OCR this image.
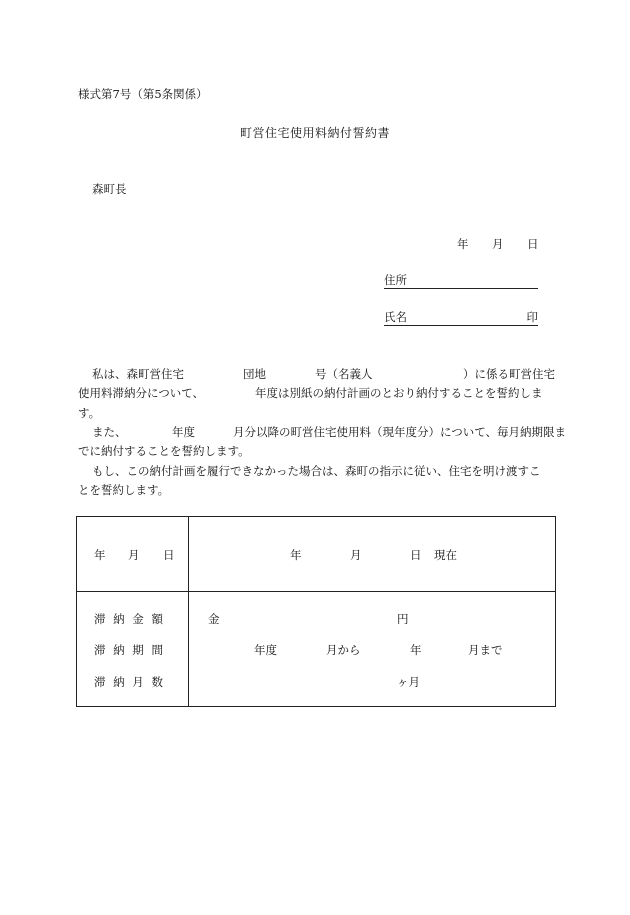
様式第7号（第5条関係）
町営住宅使用料納付誓約書
森町長
年 月 日
住所
氏名	印
私は、森町営住宅	団地	号（名義人	）に係る町営住宅
使用料滞納分について、	年度は別紙の納付計画のとおり納付することを誓約しま
す。
また、	年度	月分以降の町営住宅使用料（現年度分）について、毎月納期限ま
でに納付することを誓約します。
もし、この納付計画を履行できなかった場合は、森町の指示に従い、住宅を明け渡すこ
とを誓約します。
年 月 日	年	月	日 現在
滞 納 金 額	金	円
滞 納 期 間	年度	月から	年	月まで
滞 納 月 数	ヶ月
